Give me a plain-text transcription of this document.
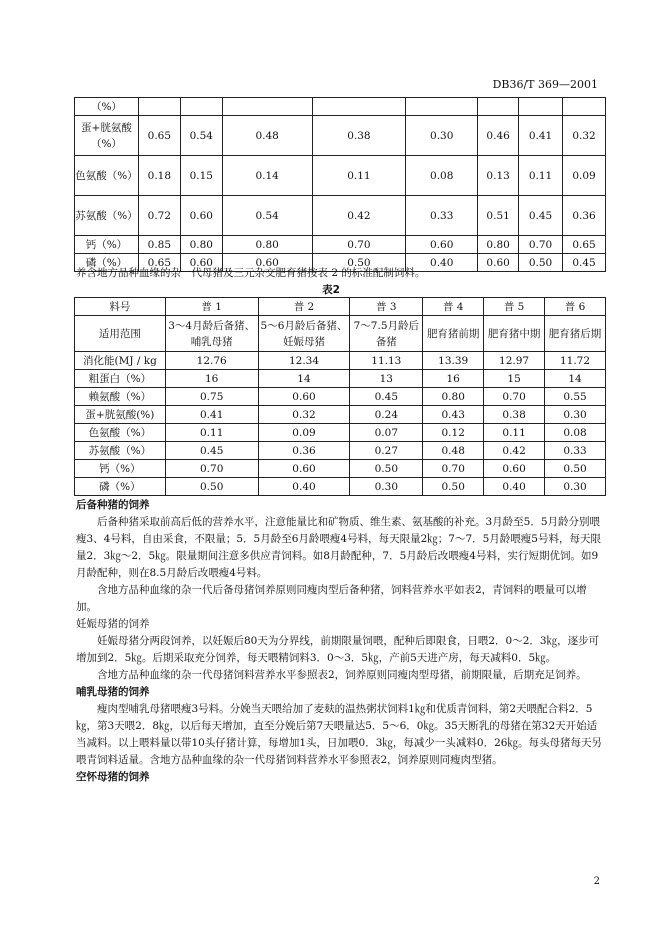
DB36/T 369—2001
（%）								
蛋+胱氨酸（%）	0.65	0.54	0.48	0.38	0.30	0.46	0.41	0.32
色氨酸（%）	0.18	0.15	0.14	0.11	0.08	0.13	0.11	0.09
苏氨酸（%）	0.72	0.60	0.54	0.42	0.33	0.51	0.45	0.36
钙（%）	0.85	0.80	0.80	0.70	0.60	0.80	0.70	0.65
磷（%）	0.65	0.60	0.60	0.50	0.40	0.60	0.50	0.45
养含地方品种血缘的杂一代母猪及三元杂交肥育猪按表 2 的标准配制饲料。
表2
料号	普 1	普 2	普 3	普 4	普 5	普 6
适用范围	3～4月龄后备猪、哺乳母猪	5～6月龄后备猪、妊娠母猪	7～7.5月龄后备猪	肥育猪前期	肥育猪中期	肥育猪后期
消化能(MJ / kg	12.76	12.34	11.13	13.39	12.97	11.72
粗蛋白（%）	16	14	13	16	15	14
赖氨酸（%）	0.75	0.60	0.45	0.80	0.70	0.55
蛋+胱氨酸(%)	0.41	0.32	0.24	0.43	0.38	0.30
色氨酸（%）	0.11	0.09	0.07	0.12	0.11	0.08
苏氨酸（%）	0.45	0.36	0.27	0.48	0.42	0.33
钙（%）	0.70	0.60	0.50	0.70	0.60	0.50
磷（%）	0.50	0.40	0.30	0.50	0.40	0.30
后备种猪的饲养

后备种猪采取前高后低的营养水平，注意能量比和矿物质、维生素、氨基酸的补充。3月龄至5．5月龄分别喂瘦3、4号料，自由采食，不限量；5．5月龄至6月龄喂瘦4号料，每天限量2㎏；7～7．5月龄喂瘦5号料，每天限量2．3㎏～2．5㎏。限量期间注意多供应青饲料。如8月龄配种，7．5月龄后改喂瘦4号料，实行短期优饲。如9月龄配种，则在8.5月龄后改喂瘦4号料。

含地方品种血缘的杂一代后备母猪饲养原则同瘦肉型后备种猪，饲料营养水平如表2，青饲料的喂量可以增加。

妊娠母猪的饲养

妊娠母猪分两段饲养，以妊娠后80天为分界线，前期限量饲喂，配种后即限食，日喂2．0～2．3㎏，逐步可增加到2．5㎏。后期采取充分饲养，每天喂精饲料3．0～3．5㎏，产前5天进产房，每天减料0．5㎏。

含地方品种血缘的杂一代母猪饲料营养水平参照表2，饲养原则同瘦肉型母猪，前期限量，后期充足饲养。

哺乳母猪的饲养

瘦肉型哺乳母猪喂瘦3号料。分娩当天喂给加了麦麸的温热粥状饲料1㎏和优质青饲料，第2天喂配合料2．5㎏，第3天喂2．8㎏，以后每天增加，直至分娩后第7天喂量达5．5～6．0㎏。35天断乳的母猪在第32天开始适当减料。以上喂料量以带10头仔猪计算，每增加1头，日加喂0．3㎏，每减少一头减料0．26㎏。每头母猪每天另喂青饲料适量。含地方品种血缘的杂一代母猪饲料营养水平参照表2，饲养原则同瘦肉型猪。

空怀母猪的饲养
2
